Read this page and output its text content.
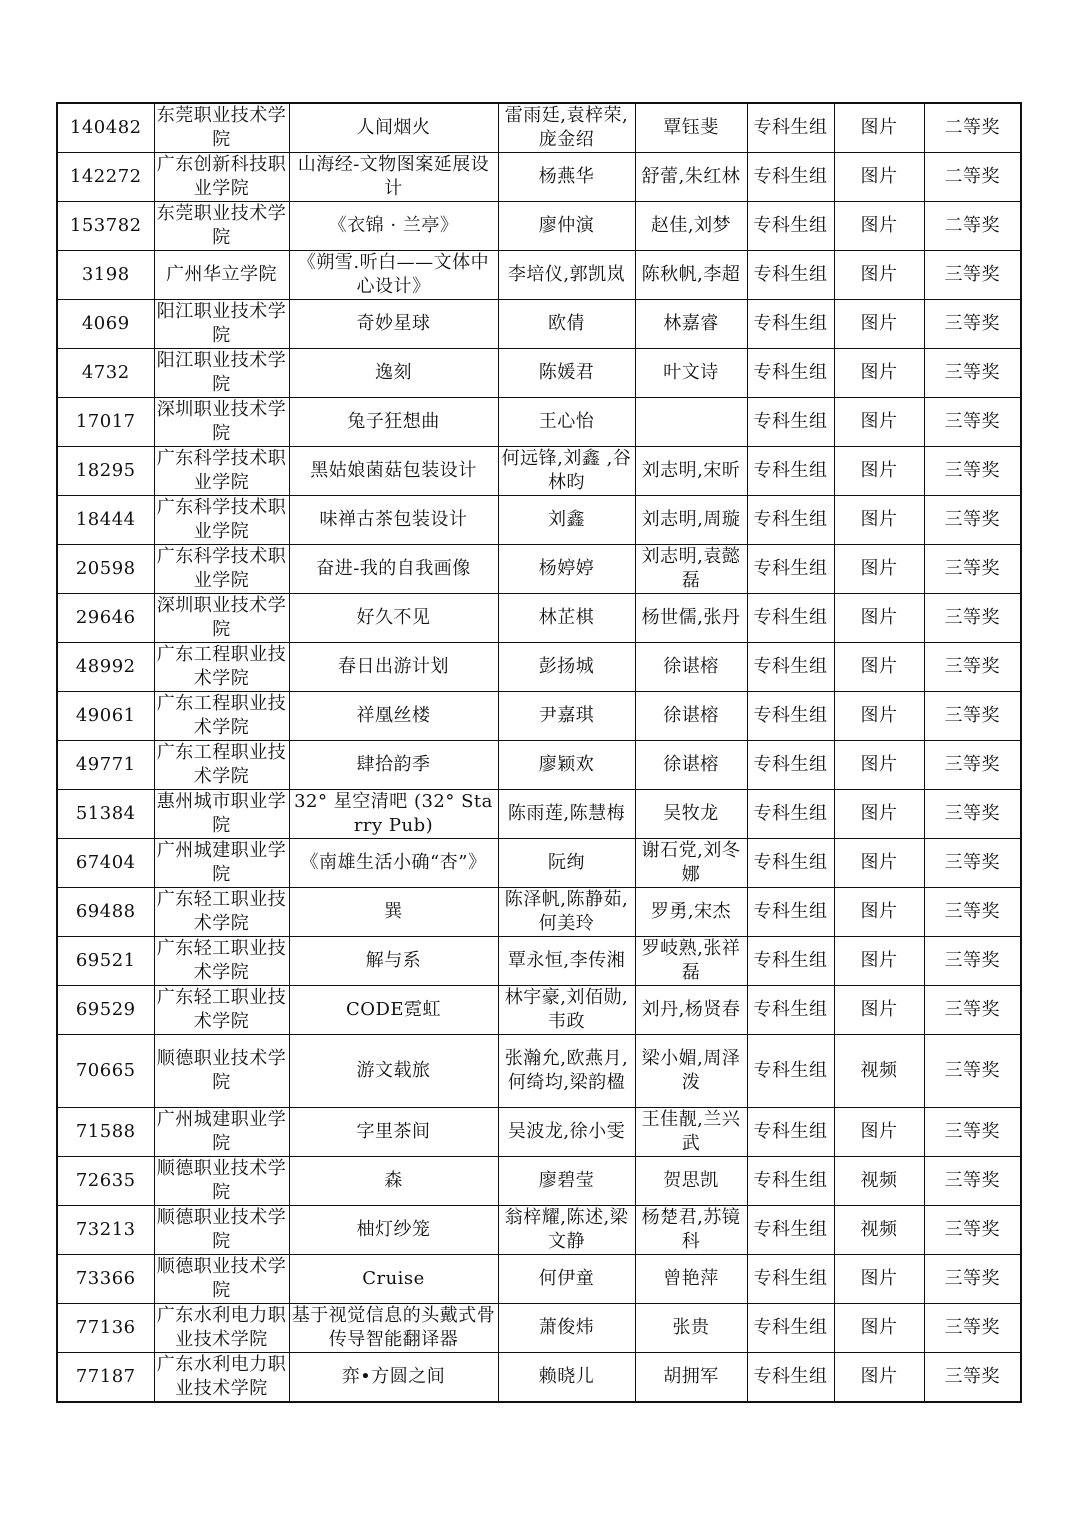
140482	东莞职业技术学院	人间烟火	雷雨廷,袁梓荣,庞金绍	覃钰斐	专科生组	图片	二等奖
142272	广东创新科技职业学院	山海经-文物图案延展设计	杨燕华	舒蕾,朱红林	专科生组	图片	二等奖
153782	东莞职业技术学院	《衣锦 · 兰亭》	廖仲演	赵佳,刘梦	专科生组	图片	二等奖
3198	广州华立学院	《朔雪.听白——文体中心设计》	李培仪,郭凯岚	陈秋帆,李超	专科生组	图片	三等奖
4069	阳江职业技术学院	奇妙星球	欧倩	林嘉睿	专科生组	图片	三等奖
4732	阳江职业技术学院	逸刻	陈媛君	叶文诗	专科生组	图片	三等奖
17017	深圳职业技术学院	兔子狂想曲	王心怡		专科生组	图片	三等奖
18295	广东科学技术职业学院	黑姑娘菌菇包装设计	何远锋,刘鑫 ,谷林昀	刘志明,宋昕	专科生组	图片	三等奖
18444	广东科学技术职业学院	味禅古茶包装设计	刘鑫	刘志明,周璇	专科生组	图片	三等奖
20598	广东科学技术职业学院	奋进-我的自我画像	杨婷婷	刘志明,袁懿磊	专科生组	图片	三等奖
29646	深圳职业技术学院	好久不见	林芷棋	杨世儒,张丹	专科生组	图片	三等奖
48992	广东工程职业技术学院	春日出游计划	彭扬城	徐谌榕	专科生组	图片	三等奖
49061	广东工程职业技术学院	祥凰丝楼	尹嘉琪	徐谌榕	专科生组	图片	三等奖
49771	广东工程职业技术学院	肆拾韵季	廖颖欢	徐谌榕	专科生组	图片	三等奖
51384	惠州城市职业学院	32° 星空清吧 (32° Starry Pub)	陈雨莲,陈慧梅	吴牧龙	专科生组	图片	三等奖
67404	广州城建职业学院	《南雄生活小确“杏”》	阮绚	谢石党,刘冬娜	专科生组	图片	三等奖
69488	广东轻工职业技术学院	巽	陈泽帆,陈静茹,何美玲	罗勇,宋杰	专科生组	图片	三等奖
69521	广东轻工职业技术学院	解与系	覃永恒,李传湘	罗岐熟,张祥磊	专科生组	图片	三等奖
69529	广东轻工职业技术学院	CODE霓虹	林宇豪,刘佰勋,韦政	刘丹,杨贤春	专科生组	图片	三等奖
70665	顺德职业技术学院	游文载旅	张瀚允,欧燕月,何绮均,梁韵楹	梁小媚,周泽泼	专科生组	视频	三等奖
71588	广州城建职业学院	字里茶间	吴波龙,徐小雯	王佳靓,兰兴武	专科生组	图片	三等奖
72635	顺德职业技术学院	森	廖碧莹	贺思凯	专科生组	视频	三等奖
73213	顺德职业技术学院	柚灯纱笼	翁梓耀,陈述,梁文静	杨楚君,苏镜科	专科生组	视频	三等奖
73366	顺德职业技术学院	Cruise	何伊童	曾艳萍	专科生组	图片	三等奖
77136	广东水利电力职业技术学院	基于视觉信息的头戴式骨传导智能翻译器	萧俊炜	张贵	专科生组	图片	三等奖
77187	广东水利电力职业技术学院	弈•方圆之间	赖晓儿	胡拥军	专科生组	图片	三等奖
